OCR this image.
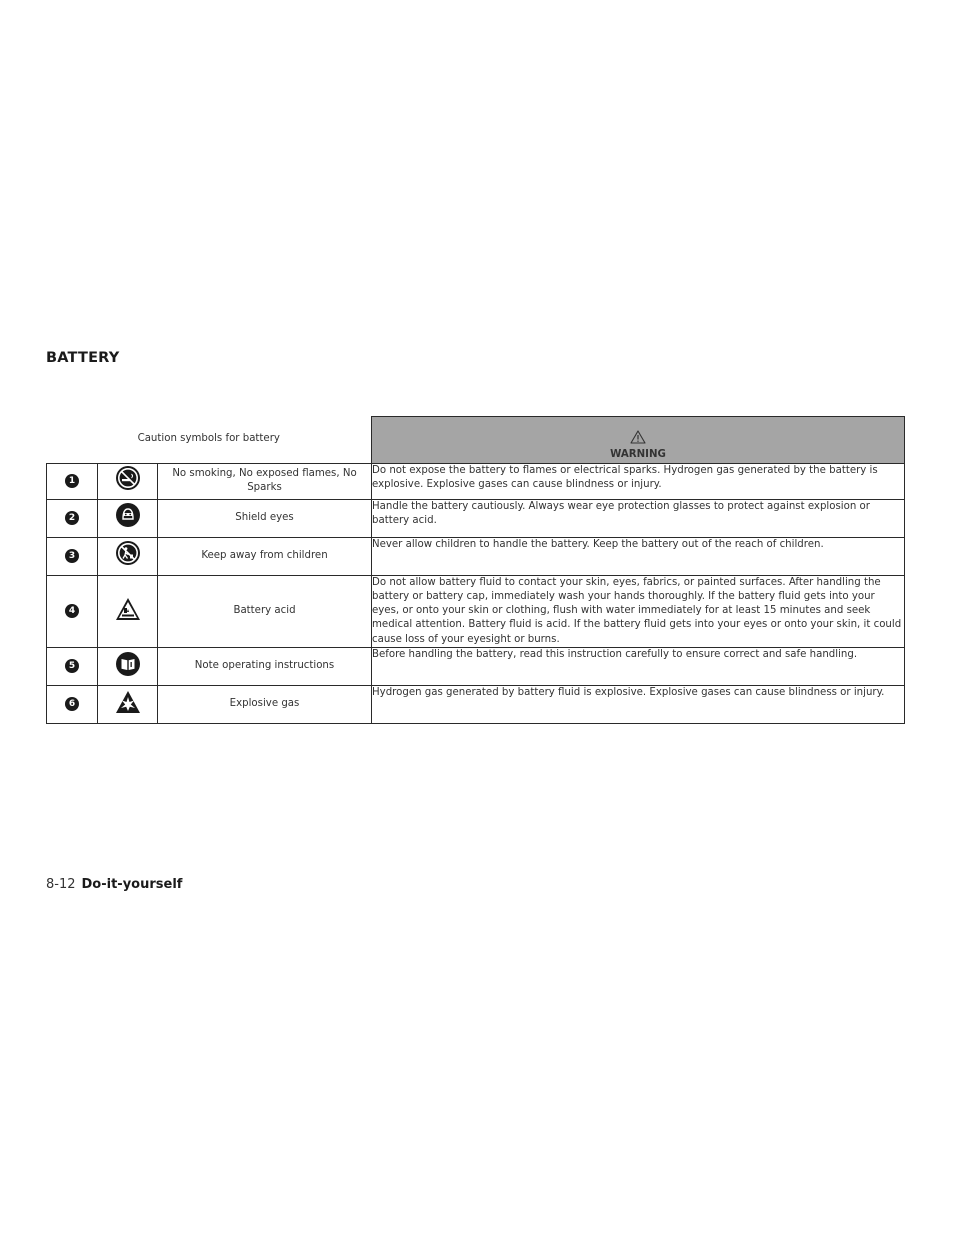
BATTERY
Caution symbols for battery			WARNING
1		No smoking, No exposed flames, No Sparks	Do not expose the battery to flames or electrical sparks. Hydrogen gas generated by the battery is explosive. Explosive gases can cause blindness or injury.
2		Shield eyes	Handle the battery cautiously. Always wear eye protection glasses to protect against explosion or battery acid.
3		Keep away from children	Never allow children to handle the battery. Keep the battery out of the reach of children.
4		Battery acid	Do not allow battery fluid to contact your skin, eyes, fabrics, or painted surfaces. After handling the battery or battery cap, immediately wash your hands thoroughly. If the battery fluid gets into your eyes, or onto your skin or clothing, flush with water immediately for at least 15 minutes and seek medical attention. Battery fluid is acid. If the battery fluid gets into your eyes or onto your skin, it could cause loss of your eyesight or burns.
5		Note operating instructions	Before handling the battery, read this instruction carefully to ensure correct and safe handling.
6		Explosive gas	Hydrogen gas generated by battery fluid is explosive. Explosive gases can cause blindness or injury.
8-12 Do-it-yourself
